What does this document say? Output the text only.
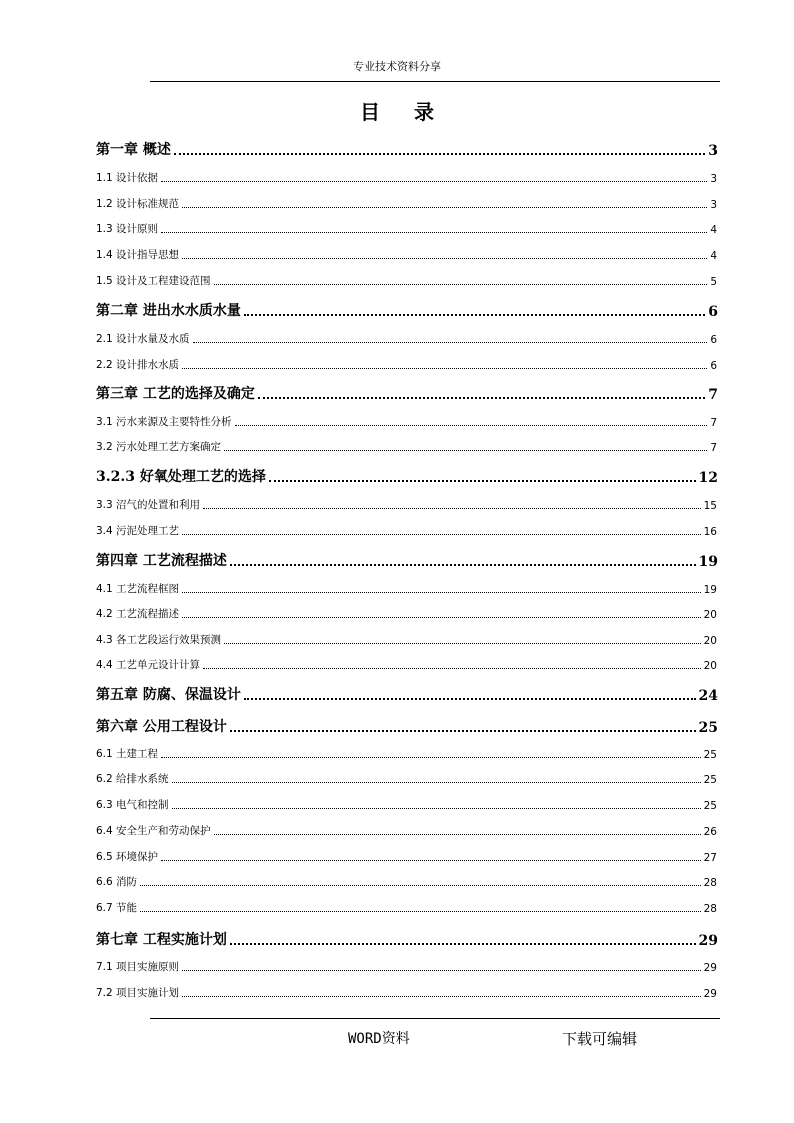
专业技术资料分享
目录
第一章 概述	3
1.1 设计依据	3
1.2 设计标准规范	3
1.3 设计原则	4
1.4 设计指导思想	4
1.5 设计及工程建设范围	5
第二章 进出水水质水量	6
2.1 设计水量及水质	6
2.2 设计排水水质	6
第三章 工艺的选择及确定	7
3.1 污水来源及主要特性分析	7
3.2 污水处理工艺方案确定	7
3.2.3 好氧处理工艺的选择	12
3.3 沼气的处置和利用	15
3.4 污泥处理工艺	16
第四章 工艺流程描述	19
4.1 工艺流程框图	19
4.2 工艺流程描述	20
4.3 各工艺段运行效果预测	20
4.4 工艺单元设计计算	20
第五章 防腐、保温设计	24
第六章 公用工程设计	25
6.1 土建工程	25
6.2 给排水系统	25
6.3 电气和控制	25
6.4 安全生产和劳动保护	26
6.5 环境保护	27
6.6 消防	28
6.7 节能	28
第七章 工程实施计划	29
7.1 项目实施原则	29
7.2 项目实施计划	29
WORD资料	下载可编辑
